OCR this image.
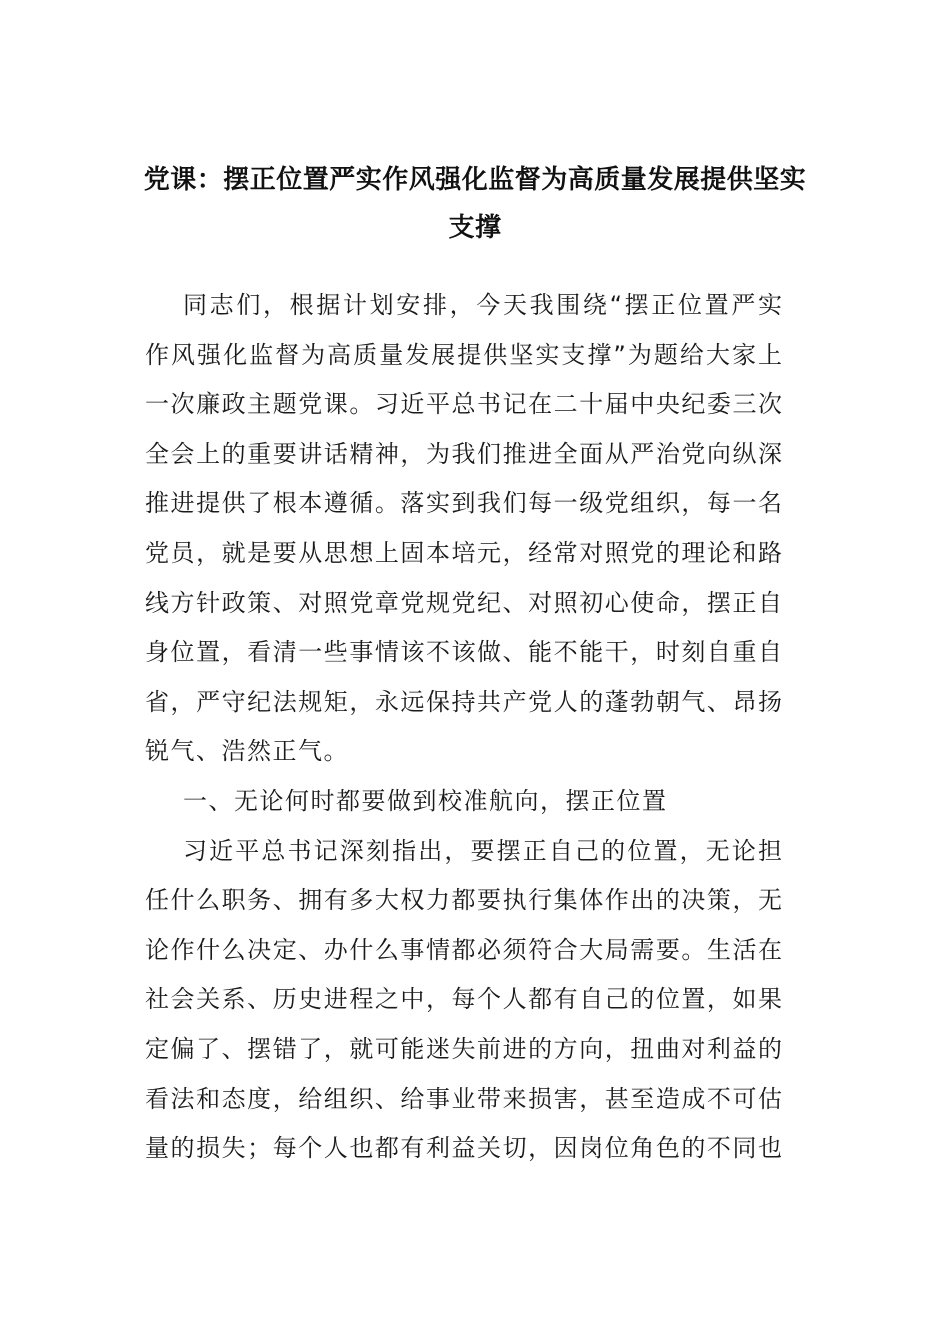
党课：摆正位置严实作风强化监督为高质量发展提供坚实
支撑
同志们，根据计划安排，今天我围绕“摆正位置严实
作风强化监督为高质量发展提供坚实支撑”为题给大家上
一次廉政主题党课。习近平总书记在二十届中央纪委三次
全会上的重要讲话精神，为我们推进全面从严治党向纵深
推进提供了根本遵循。落实到我们每一级党组织，每一名
党员，就是要从思想上固本培元，经常对照党的理论和路
线方针政策、对照党章党规党纪、对照初心使命，摆正自
身位置，看清一些事情该不该做、能不能干，时刻自重自
省，严守纪法规矩，永远保持共产党人的蓬勃朝气、昂扬
锐气、浩然正气。
一、无论何时都要做到校准航向，摆正位置
习近平总书记深刻指出，要摆正自己的位置，无论担
任什么职务、拥有多大权力都要执行集体作出的决策，无
论作什么决定、办什么事情都必须符合大局需要。生活在
社会关系、历史进程之中，每个人都有自己的位置，如果
定偏了、摆错了，就可能迷失前进的方向，扭曲对利益的
看法和态度，给组织、给事业带来损害，甚至造成不可估
量的损失；每个人也都有利益关切，因岗位角色的不同也
